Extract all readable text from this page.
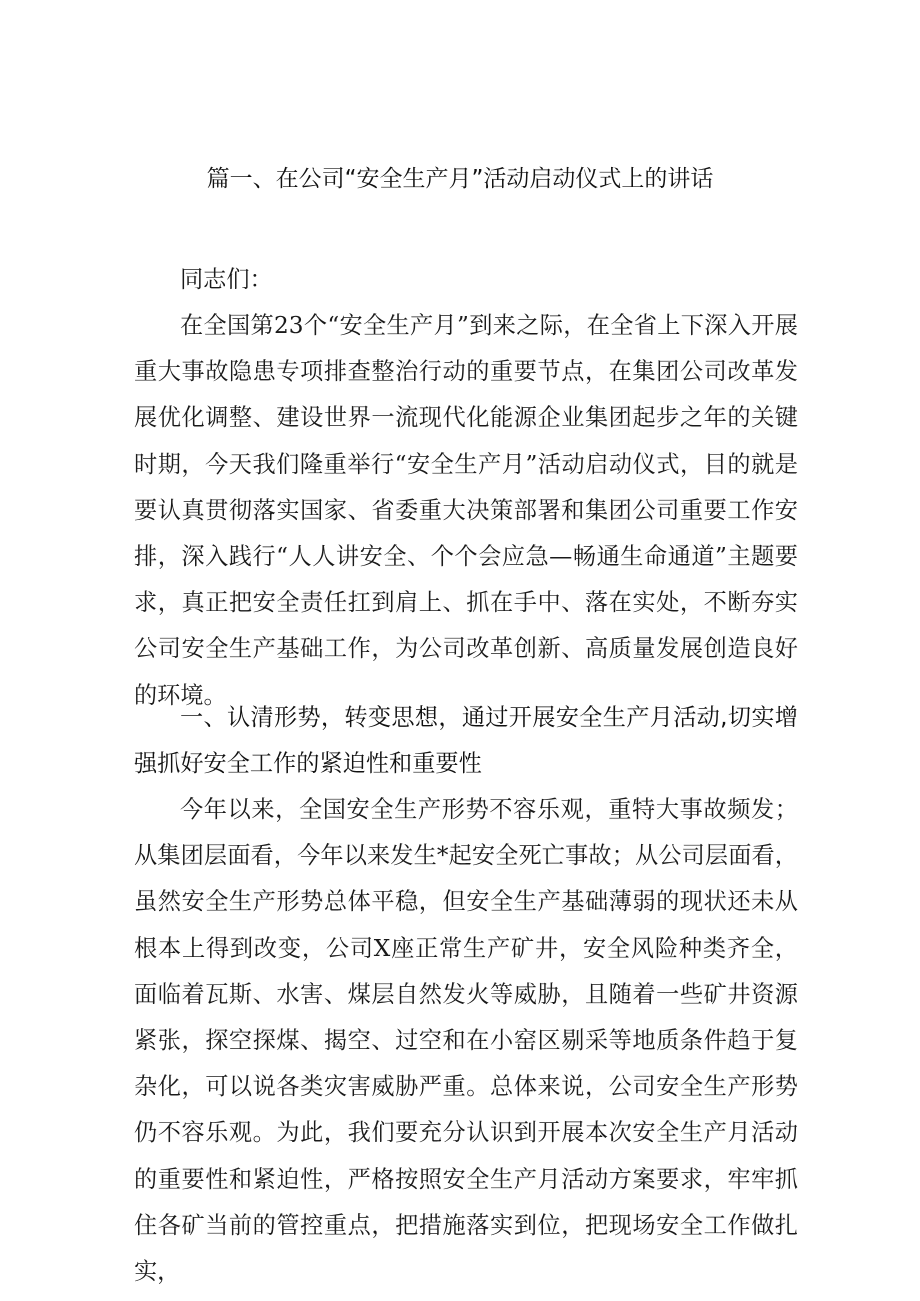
篇一、在公司“安全生产月”活动启动仪式上的讲话
同志们：
在全国第23个“安全生产月”到来之际，在全省上下深入开展重大事故隐患专项排查整治行动的重要节点，在集团公司改革发展优化调整、建设世界一流现代化能源企业集团起步之年的关键时期，今天我们隆重举行“安全生产月”活动启动仪式，目的就是要认真贯彻落实国家、省委重大决策部署和集团公司重要工作安排，深入践行“人人讲安全、个个会应急—畅通生命通道”主题要求，真正把安全责任扛到肩上、抓在手中、落在实处，不断夯实公司安全生产基础工作，为公司改革创新、高质量发展创造良好的环境。
一、认清形势，转变思想，通过开展安全生产月活动,切实增强抓好安全工作的紧迫性和重要性
今年以来，全国安全生产形势不容乐观，重特大事故频发；从集团层面看，今年以来发生*起安全死亡事故；从公司层面看，虽然安全生产形势总体平稳，但安全生产基础薄弱的现状还未从根本上得到改变，公司X座正常生产矿井，安全风险种类齐全，面临着瓦斯、水害、煤层自然发火等威胁，且随着一些矿井资源紧张，探空探煤、揭空、过空和在小窑区剔采等地质条件趋于复杂化，可以说各类灾害威胁严重。总体来说，公司安全生产形势仍不容乐观。为此，我们要充分认识到开展本次安全生产月活动的重要性和紧迫性，严格按照安全生产月活动方案要求，牢牢抓住各矿当前的管控重点，把措施落实到位，把现场安全工作做扎实，
